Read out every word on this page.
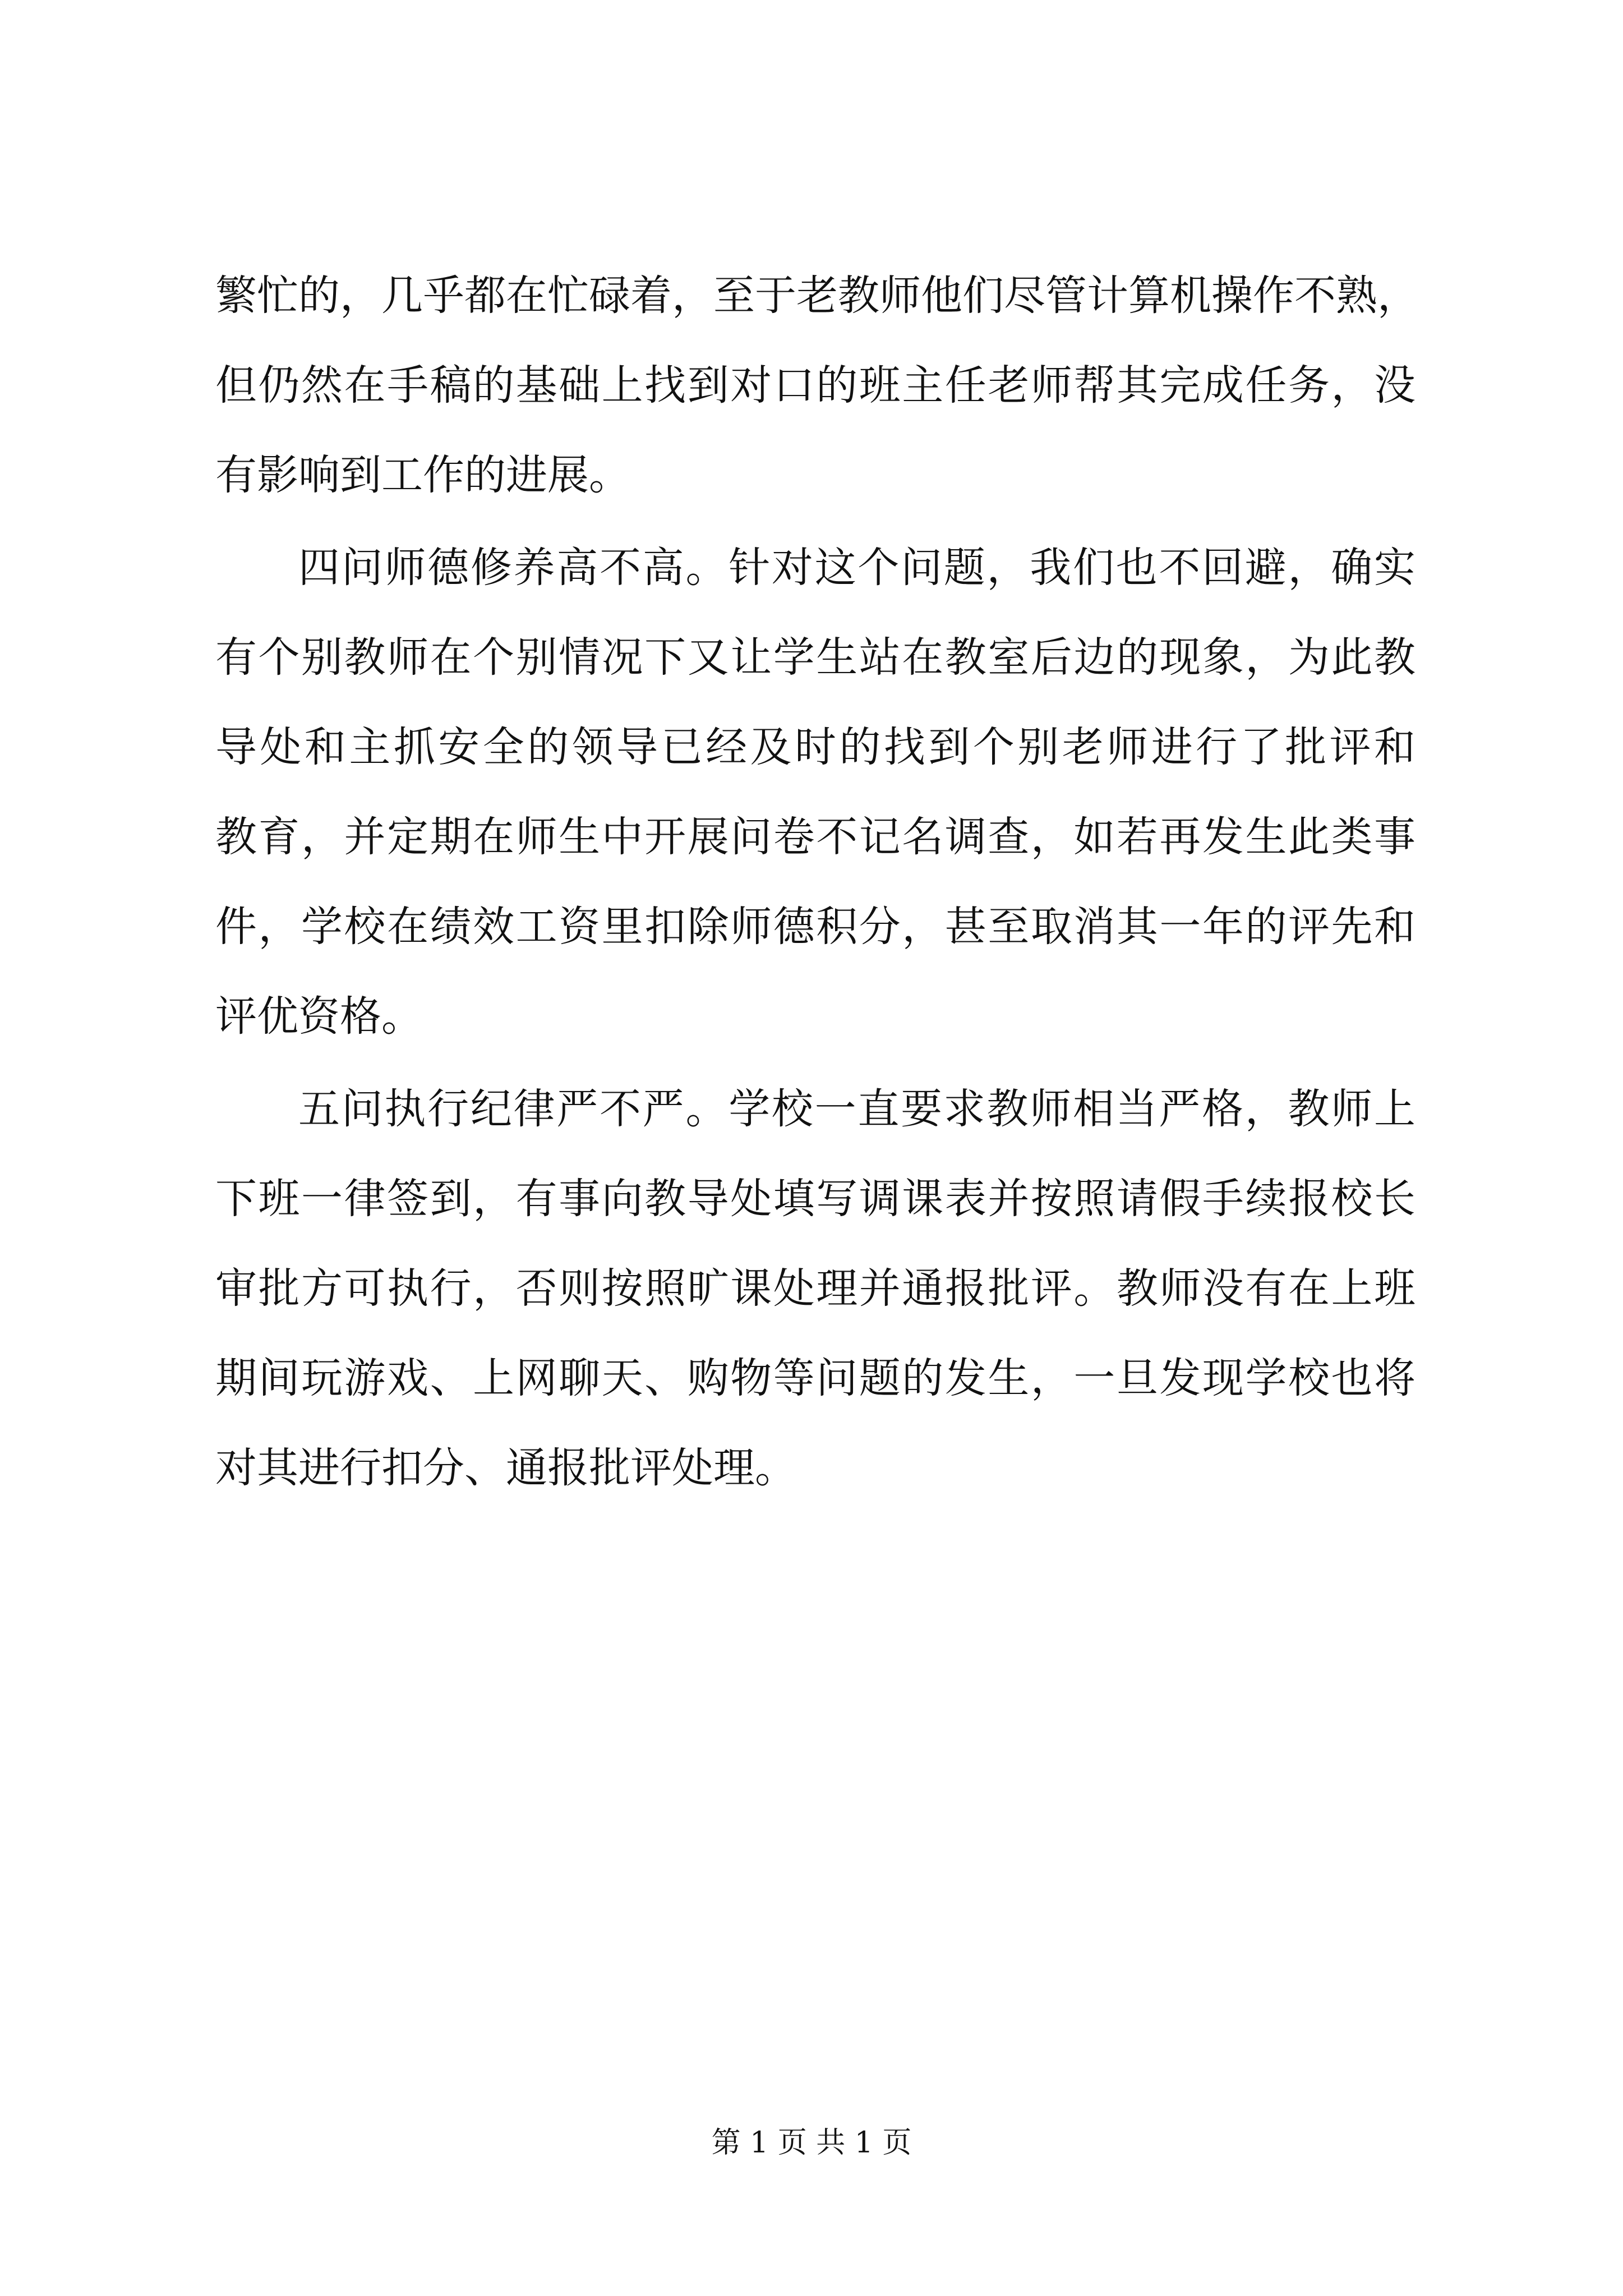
繁忙的，几乎都在忙碌着，至于老教师他们尽管计算机操作不熟，
但仍然在手稿的基础上找到对口的班主任老师帮其完成任务，没
有影响到工作的进展。
四问师德修养高不高。针对这个问题，我们也不回避，确实
有个别教师在个别情况下又让学生站在教室后边的现象，为此教
导处和主抓安全的领导已经及时的找到个别老师进行了批评和
教育，并定期在师生中开展问卷不记名调查，如若再发生此类事
件，学校在绩效工资里扣除师德积分，甚至取消其一年的评先和
评优资格。
五问执行纪律严不严。学校一直要求教师相当严格，教师上
下班一律签到，有事向教导处填写调课表并按照请假手续报校长
审批方可执行，否则按照旷课处理并通报批评。教师没有在上班
期间玩游戏、上网聊天、购物等问题的发生，一旦发现学校也将
对其进行扣分、通报批评处理。
第 1 页 共 1 页
